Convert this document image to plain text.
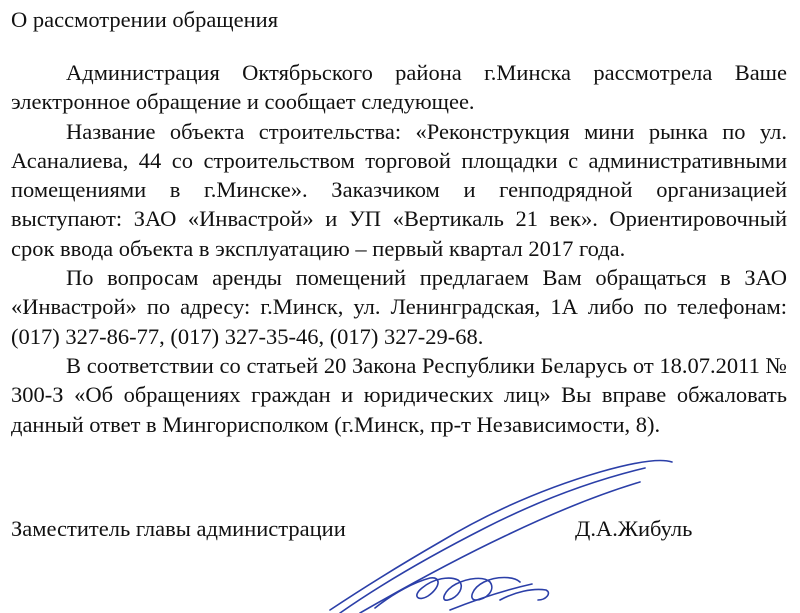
О рассмотрении обращения

Администрация Октябрьского района г.Минска рассмотрела Ваше электронное обращение и сообщает следующее.

Название объекта строительства: «Реконструкция мини рынка по ул. Асаналиева, 44 со строительством торговой площадки с административными помещениями в г.Минске». Заказчиком и генподрядной организацией выступают: ЗАО «Инвастрой» и УП «Вертикаль 21 век». Ориентировочный срок ввода объекта в эксплуатацию – первый квартал 2017 года.

По вопросам аренды помещений предлагаем Вам обращаться в ЗАО «Инвастрой» по адресу: г.Минск, ул. Ленинградская, 1А либо по телефонам: (017) 327-86-77, (017) 327-35-46, (017) 327-29-68.

В соответствии со статьей 20 Закона Республики Беларусь от 18.07.2011 № 300-З «Об обращениях граждан и юридических лиц» Вы вправе обжаловать данный ответ в Мингорисполком (г.Минск, пр-т Независимости, 8).

Заместитель главы администрации	Д.А.Жибуль
